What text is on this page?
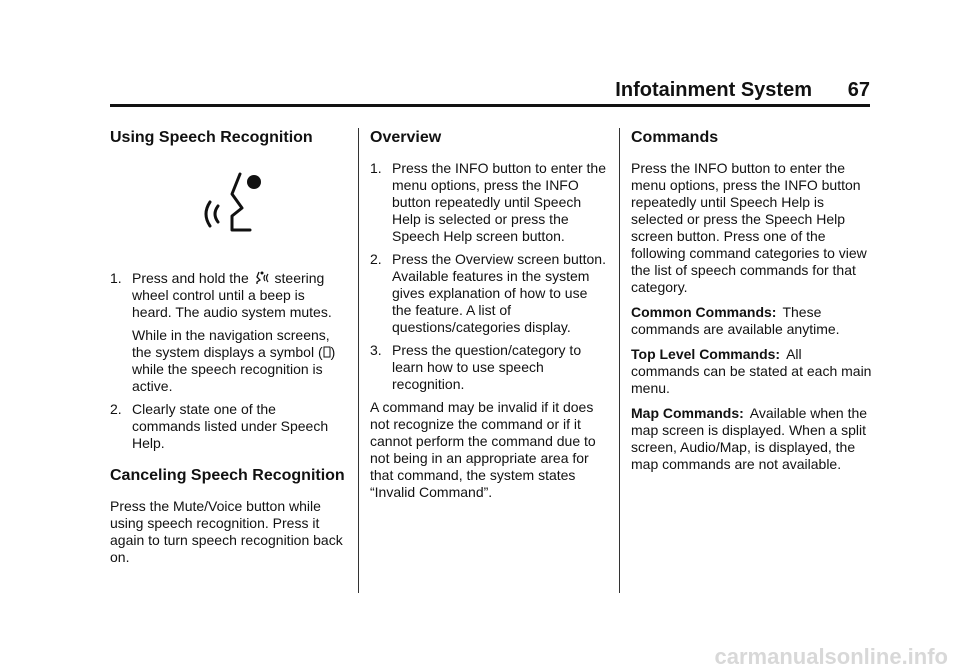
Infotainment System 67
Using Speech Recognition
1. Press and hold the steering wheel control until a beep is heard. The audio system mutes.

While in the navigation screens, the system displays a symbol ( ) while the speech recognition is active.

2. Clearly state one of the commands listed under Speech Help.

Canceling Speech Recognition

Press the Mute/Voice button while using speech recognition. Press it again to turn speech recognition back on.

Overview
1. Press the INFO button to enter the menu options, press the INFO button repeatedly until Speech Help is selected or press the Speech Help screen button.

2. Press the Overview screen button. Available features in the system gives explanation of how to use the feature. A list of questions/categories display.

3. Press the question/category to learn how to use speech recognition.

A command may be invalid if it does not recognize the command or if it cannot perform the command due to not being in an appropriate area for that command, the system states “Invalid Command”.

Commands

Press the INFO button to enter the menu options, press the INFO button repeatedly until Speech Help is selected or press the Speech Help screen button. Press one of the following command categories to view the list of speech commands for that category.

Common Commands: These commands are available anytime.

Top Level Commands: All commands can be stated at each main menu.

Map Commands: Available when the map screen is displayed. When a split screen, Audio/Map, is displayed, the map commands are not available.

carmanualsonline.info
